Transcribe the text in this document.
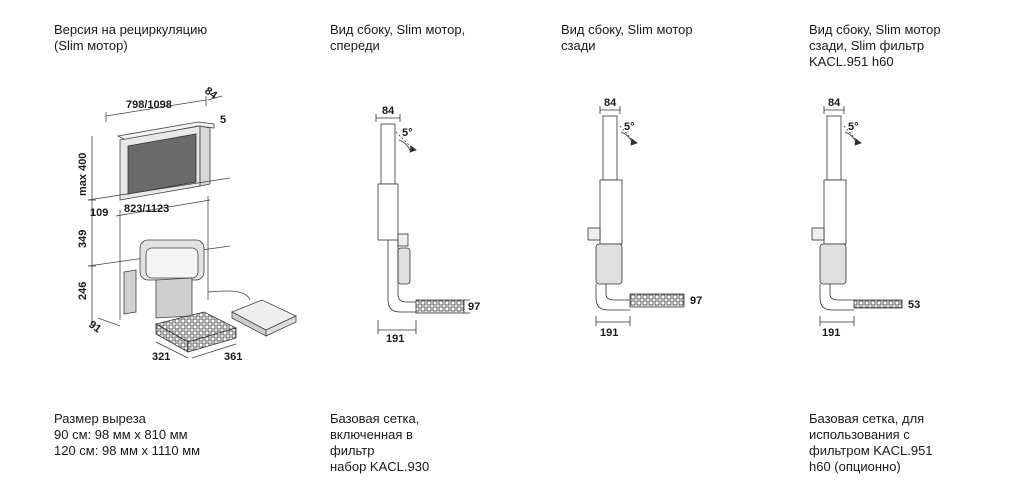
Версия на рециркуляцию
(Slim мотор)
Вид сбоку, Slim мотор,
спереди
Вид сбоку, Slim мотор
сзади
Вид сбоку, Slim мотор
сзади, Slim фильтр
KACL.951 h60
Размер выреза
90 см: 98 мм x 810 мм
120 см: 98 мм x 1110 мм
Базовая сетка,
включенная в
фильтр
набор KACL.930
Базовая сетка, для
использования с
фильтром KACL.951
h60 (опционно)
798/1098
84
5
max 400
109 823/1123
349
246
91
321	361
84
5°
191
97
84
5°
191
97
84
5°
191
53
